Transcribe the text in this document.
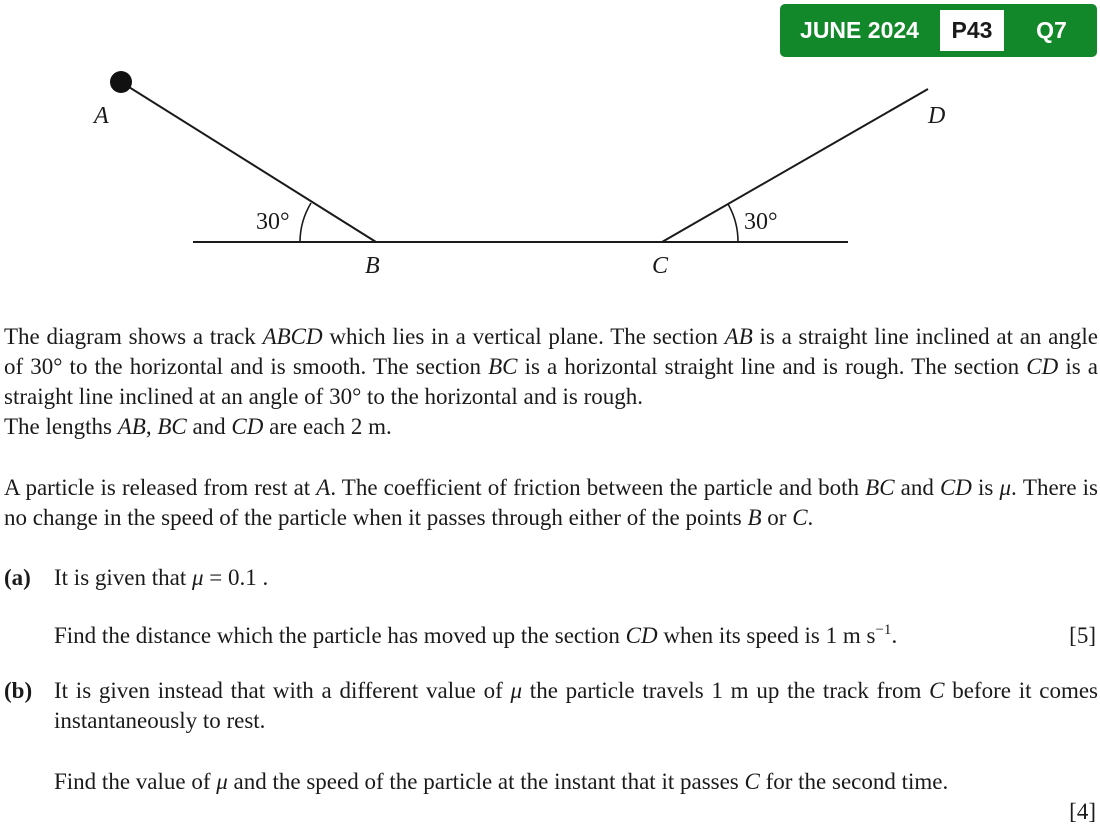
JUNE 2024	P43	Q7
A	D
B	C
30°	30°
The diagram shows a track ABCD which lies in a vertical plane. The section AB is a straight line inclined at an angle of 30° to the horizontal and is smooth. The section BC is a horizontal straight line and is rough. The section CD is a straight line inclined at an angle of 30° to the horizontal and is rough.
The lengths AB, BC and CD are each 2 m.
A particle is released from rest at A. The coefficient of friction between the particle and both BC and CD is μ. There is no change in the speed of the particle when it passes through either of the points B or C.
(a) It is given that μ = 0.1 .
Find the distance which the particle has moved up the section CD when its speed is 1 m $s^{-1}$.	[5]
(b) It is given instead that with a different value of μ the particle travels 1 m up the track from C before it comes instantaneously to rest.
Find the value of μ and the speed of the particle at the instant that it passes C for the second time.
[4]
